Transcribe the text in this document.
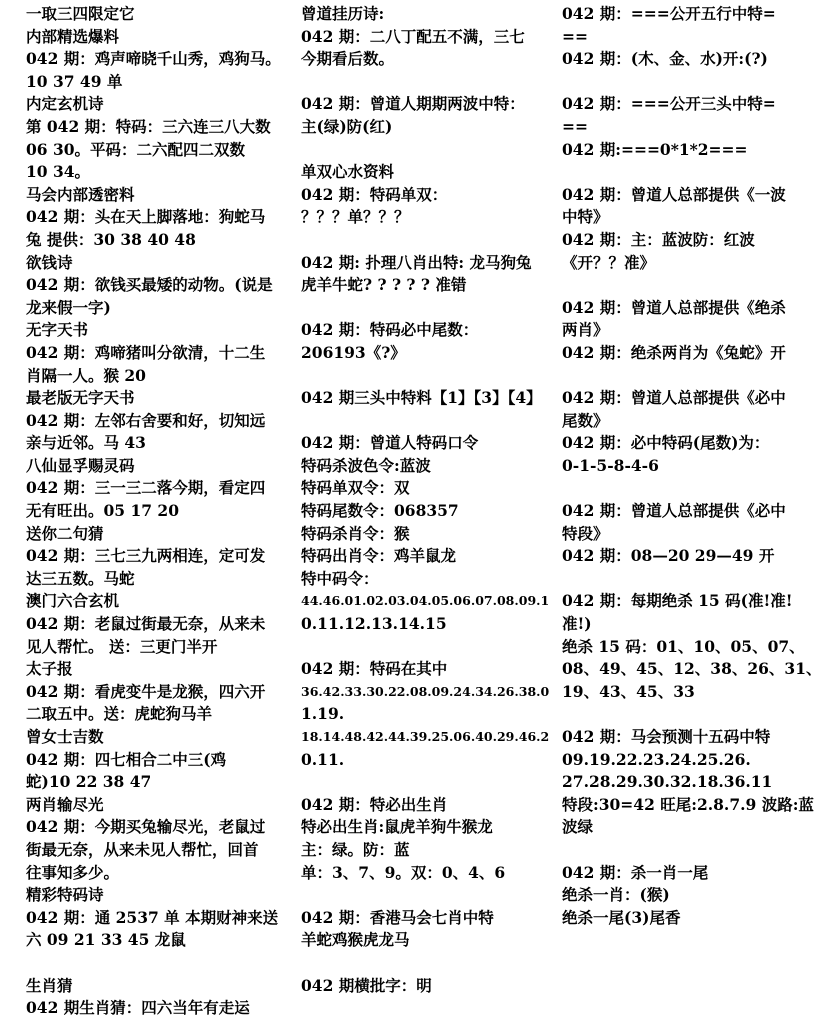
一取三四限定它
内部精选爆料
042 期：鸡声啼晓千山秀，鸡狗马。
10 37 49 单
内定玄机诗
第 042 期：特码：三六连三八大数
06 30。平码：二六配四二双数
10 34。
马会内部透密料
042 期：头在天上脚落地：狗蛇马
兔 提供：30 38 40 48
欲钱诗
042 期：欲钱买最矮的动物。(说是
龙来假一字)
无字天书
042 期：鸡啼猪叫分欲清，十二生
肖隔一人。猴 20
最老版无字天书
042 期：左邻右舍要和好，切知远
亲与近邻。马 43
八仙显孚赐灵码
042 期：三一三二落今期，看定四
无有旺出。05 17 20
送你二句猜
042 期：三七三九两相连，定可发
达三五数。马蛇
澳门六合玄机
042 期：老鼠过街最无奈，从来未
见人帮忙。 送：三更门半开
太子报
042 期：看虎变牛是龙猴，四六开
二取五中。送：虎蛇狗马羊
曾女士吉数
042 期：四七相合二中三(鸡
蛇)10 22 38 47
两肖输尽光
042 期：今期买兔输尽光，老鼠过
街最无奈，从来未见人帮忙，回首
往事知多少。
精彩特码诗
042 期：通 2537 单 本期财神来送
六 09 21 33 45 龙鼠
生肖猜
042 期生肖猜：四六当年有走运
曾道挂历诗:
042 期：二八丁配五不满，三七
今期看后数。
042 期：曾道人期期两波中特：
主(绿)防(红)
单双心水资料
042 期：特码单双：
？？？单？？？
042 期: 扑理八肖出特: 龙马狗兔
虎羊牛蛇? ? ? ? ? 准错
042 期：特码必中尾数：
206193《?》
042 期三头中特料【1】【3】【4】
042 期：曾道人特码口令
特码杀波色令:蓝波
特码单双令：双
特码尾数令：068357
特码杀肖令：猴
特码出肖令：鸡羊鼠龙
特中码令：
44.46.01.02.03.04.05.06.07.08.09.1
0.11.12.13.14.15
042 期：特码在其中
36.42.33.30.22.08.09.24.34.26.38.0
1.19.
18.14.48.42.44.39.25.06.40.29.46.2
0.11.
042 期：特必出生肖
特必出生肖:鼠虎羊狗牛猴龙
主：绿。防：蓝
单：3、7、9。双：0、4、6
042 期：香港马会七肖中特
羊蛇鸡猴虎龙马
042 期横批字：明
042 期：===公开五行中特=
==
042 期：(木、金、水)开:(?)
042 期：===公开三头中特=
==
042 期:===0*1*2===
042 期：曾道人总部提供《一波
中特》
042 期：主：蓝波防：红波
《开？？准》
042 期：曾道人总部提供《绝杀
两肖》
042 期：绝杀两肖为《兔蛇》开
042 期：曾道人总部提供《必中
尾数》
042 期：必中特码(尾数)为：
0-1-5-8-4-6
042 期：曾道人总部提供《必中
特段》
042 期：08—20 29—49 开
042 期：每期绝杀 15 码(准!准!
准!)
绝杀 15 码：01、10、05、07、
08、49、45、12、38、26、31、
19、43、45、33
042 期：马会预测十五码中特
09.19.22.23.24.25.26.
27.28.29.30.32.18.36.11
特段:30=42 旺尾:2.8.7.9 波路:蓝
波绿
042 期：杀一肖一尾
绝杀一肖：(猴)
绝杀一尾(3)尾香
